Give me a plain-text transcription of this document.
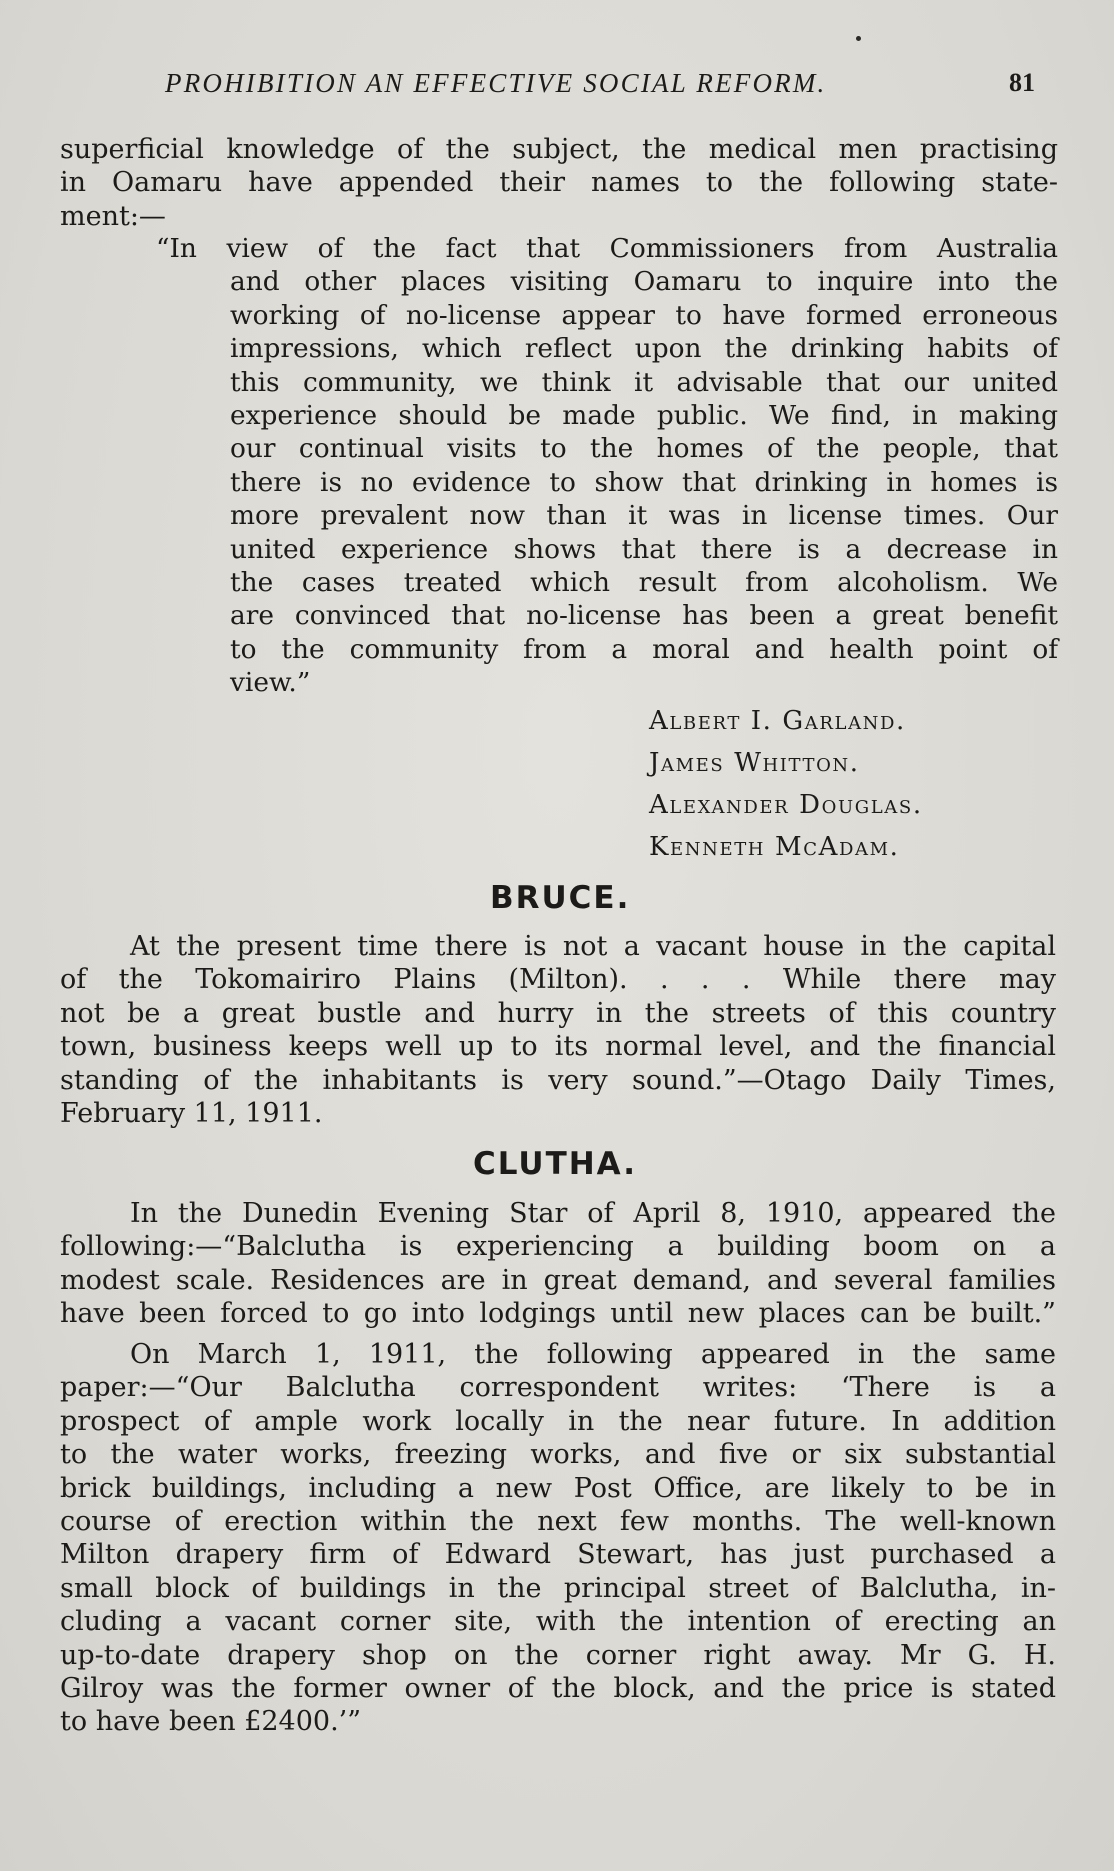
PROHIBITION AN EFFECTIVE SOCIAL REFORM.	81
superficial knowledge of the subject, the medical men practising
in Oamaru have appended their names to the following state-
ment:—
“In view of the fact that Commissioners from Australia
and other places visiting Oamaru to inquire into the
working of no-license appear to have formed erroneous
impressions, which reflect upon the drinking habits of
this community, we think it advisable that our united
experience should be made public. We find, in making
our continual visits to the homes of the people, that
there is no evidence to show that drinking in homes is
more prevalent now than it was in license times. Our
united experience shows that there is a decrease in
the cases treated which result from alcoholism. We
are convinced that no-license has been a great benefit
to the community from a moral and health point of
view.”
Albert I. Garland.
James Whitton.
Alexander Douglas.
Kenneth McAdam.
BRUCE.
At the present time there is not a vacant house in the capital
of the Tokomairiro Plains (Milton). . . . While there may
not be a great bustle and hurry in the streets of this country
town, business keeps well up to its normal level, and the financial
standing of the inhabitants is very sound.”—Otago Daily Times,
February 11, 1911.
CLUTHA.
In the Dunedin Evening Star of April 8, 1910, appeared the
following:—“Balclutha is experiencing a building boom on a
modest scale. Residences are in great demand, and several families
have been forced to go into lodgings until new places can be built.”
On March 1, 1911, the following appeared in the same
paper:—“Our Balclutha correspondent writes: ‘There is a
prospect of ample work locally in the near future. In addition
to the water works, freezing works, and five or six substantial
brick buildings, including a new Post Office, are likely to be in
course of erection within the next few months. The well-known
Milton drapery firm of Edward Stewart, has just purchased a
small block of buildings in the principal street of Balclutha, in-
cluding a vacant corner site, with the intention of erecting an
up-to-date drapery shop on the corner right away. Mr G. H.
Gilroy was the former owner of the block, and the price is stated
to have been £2400.’”
